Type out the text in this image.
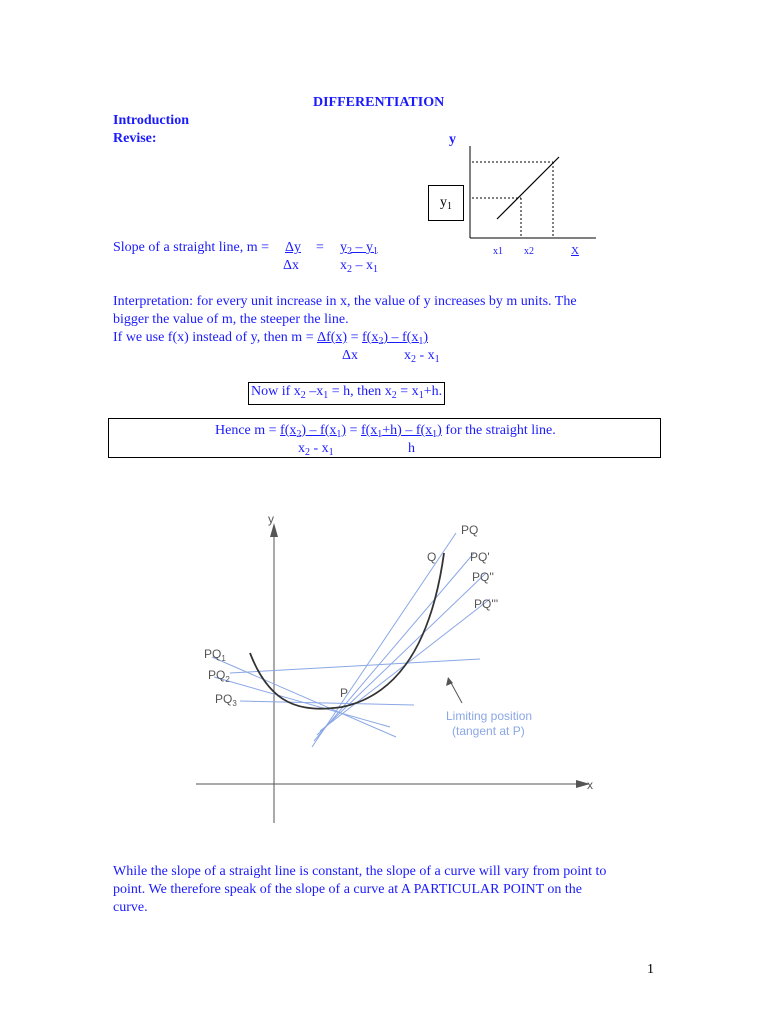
DIFFERENTIATION
Introduction
Revise:	y
$y_1$
x1 x2	X
Slope of a straight line, $m = \Delta y = y_2 - y_1$
Δx	$x_2 - x_1$
Interpretation: for every unit increase in x, the value of y increases by m units. The
bigger the value of m, the steeper the line.
If we use f(x) instead of y, then $m = \Delta f(x) = f(x_2) - f(x_1)$
Δx	$x_2 - x_1$
Now if $x_2$ $-x_1 = h$, then $x_2 = x_1+h$.
Hence $m = f(x_2) - f(x_1) = f(x_1+h) - f(x_1)$ for the straight line.
$x_2 - x_1$	h
y
x
PQ
Q	PQ'
PQ''
PQ'''
P
$PQ_1$
$PQ_2$
$PQ_3$
Limiting position
(tangent at P)
While the slope of a straight line is constant, the slope of a curve will vary from point to
point. We therefore speak of the slope of a curve at A PARTICULAR POINT on the
curve.
1
